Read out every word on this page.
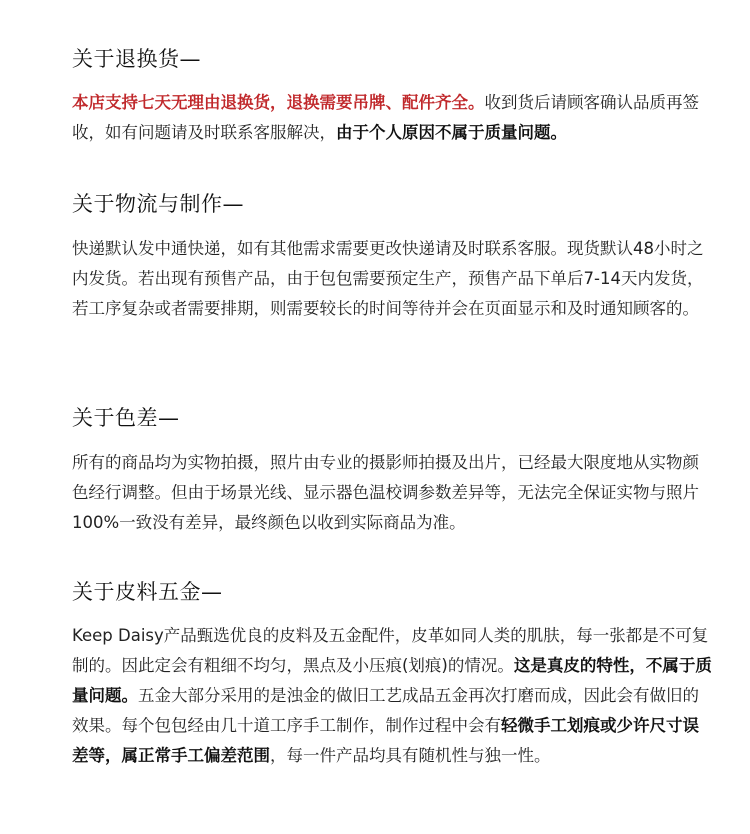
关于退换货—

本店支持七天无理由退换货，退换需要吊牌、配件齐全。收到货后请顾客确认品质再签收，如有问题请及时联系客服解决，由于个人原因不属于质量问题。

关于物流与制作—

快递默认发中通快递，如有其他需求需要更改快递请及时联系客服。现货默认48小时之内发货。若出现有预售产品，由于包包需要预定生产，预售产品下单后7-14天内发货，若工序复杂或者需要排期，则需要较长的时间等待并会在页面显示和及时通知顾客的。

关于色差—

所有的商品均为实物拍摄，照片由专业的摄影师拍摄及出片，已经最大限度地从实物颜色经行调整。但由于场景光线、显示器色温校调参数差异等，无法完全保证实物与照片100%一致没有差异，最终颜色以收到实际商品为准。

关于皮料五金—

Keep Daisy产品甄选优良的皮料及五金配件，皮革如同人类的肌肤，每一张都是不可复制的。因此定会有粗细不均匀，黑点及小压痕(划痕)的情况。这是真皮的特性，不属于质量问题。五金大部分采用的是浊金的做旧工艺成品五金再次打磨而成，因此会有做旧的效果。每个包包经由几十道工序手工制作，制作过程中会有轻微手工划痕或少许尺寸误差等，属正常手工偏差范围，每一件产品均具有随机性与独一性。
